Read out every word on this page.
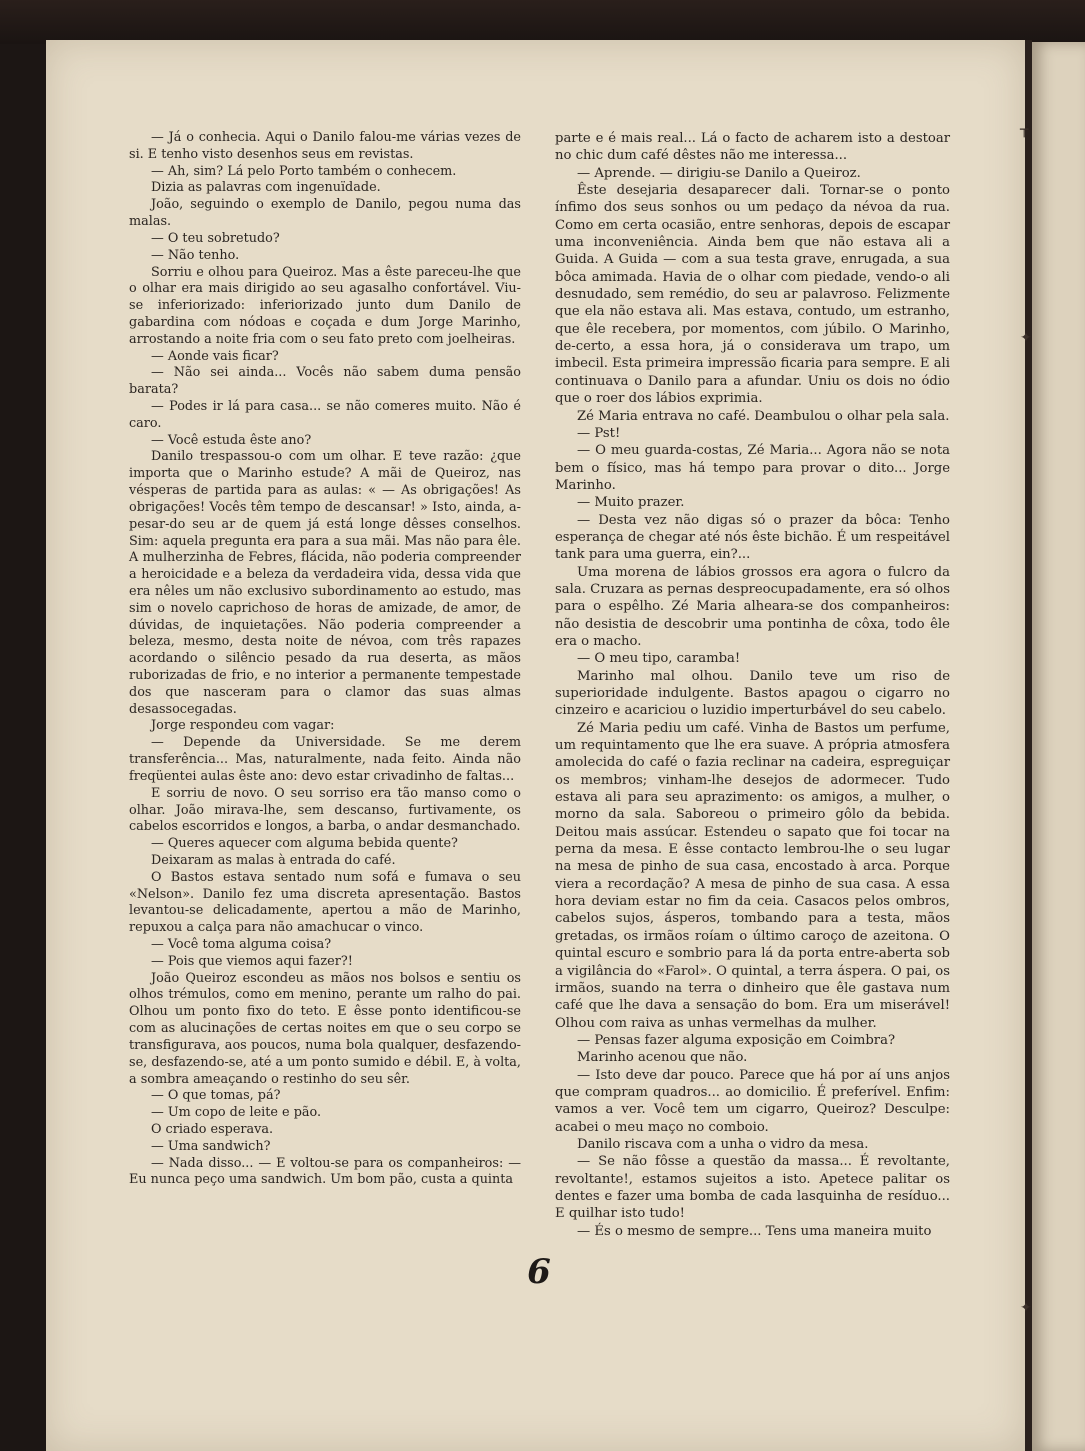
┬
✦
✦

— Já o conhecia. Aqui o Danilo falou-me várias vezes de si. E tenho visto desenhos seus em revistas.

— Ah, sim? Lá pelo Porto também o conhecem.

Dizia as palavras com ingenuïdade.

João, seguindo o exemplo de Danilo, pegou numa das malas.

— O teu sobretudo?

— Não tenho.

Sorriu e olhou para Queiroz. Mas a êste pareceu-lhe que o olhar era mais dirigido ao seu agasalho confortável. Viu-se inferiorizado: inferiorizado junto dum Danilo de gabardina com nódoas e coçada e dum Jorge Marinho, arrostando a noite fria com o seu fato preto com joelheiras.

— Aonde vais ficar?

— Não sei ainda... Vocês não sabem duma pensão barata?

— Podes ir lá para casa... se não comeres muito. Não é caro.

— Você estuda êste ano?

Danilo trespassou-o com um olhar. E teve razão: ¿que importa que o Marinho estude? A mãi de Queiroz, nas vésperas de partida para as aulas: « — As obrigações! As obrigações! Vocês têm tempo de descansar! » Isto, ainda, a-pesar-do seu ar de quem já está longe dêsses conselhos. Sim: aquela pregunta era para a sua mãi. Mas não para êle. A mulherzinha de Febres, flácida, não poderia compreender a heroicidade e a beleza da verdadeira vida, dessa vida que era nêles um não exclusivo subordinamento ao estudo, mas sim o novelo caprichoso de horas de amizade, de amor, de dúvidas, de inquietações. Não poderia compreender a beleza, mesmo, desta noite de névoa, com três rapazes acordando o silêncio pesado da rua deserta, as mãos ruborizadas de frio, e no interior a permanente tempestade dos que nasceram para o clamor das suas almas desassocegadas.

Jorge respondeu com vagar:

— Depende da Universidade. Se me derem transferência... Mas, naturalmente, nada feito. Ainda não freqüentei aulas êste ano: devo estar crivadinho de faltas...

E sorriu de novo. O seu sorriso era tão manso como o olhar. João mirava-lhe, sem descanso, furtivamente, os cabelos escorridos e longos, a barba, o andar desmanchado.

— Queres aquecer com alguma bebida quente?

Deixaram as malas à entrada do café.

O Bastos estava sentado num sofá e fumava o seu «Nelson». Danilo fez uma discreta apresentação. Bastos levantou-se delicadamente, apertou a mão de Marinho, repuxou a calça para não amachucar o vinco.

— Você toma alguma coisa?

— Pois que viemos aqui fazer?!

João Queiroz escondeu as mãos nos bolsos e sentiu os olhos trémulos, como em menino, perante um ralho do pai. Olhou um ponto fixo do teto. E êsse ponto identificou-se com as alucinações de certas noites em que o seu corpo se transfigurava, aos poucos, numa bola qualquer, desfazendo-se, desfazendo-se, até a um ponto sumido e débil. E, à volta, a sombra ameaçando o restinho do seu sêr.

— O que tomas, pá?

— Um copo de leite e pão.

O criado esperava.

— Uma sandwich?

— Nada disso... — E voltou-se para os companheiros: — Eu nunca peço uma sandwich. Um bom pão, custa a quinta

parte e é mais real... Lá o facto de acharem isto a destoar no chic dum café dêstes não me interessa...

— Aprende. — dirigiu-se Danilo a Queiroz.

Êste desejaria desaparecer dali. Tornar-se o ponto ínfimo dos seus sonhos ou um pedaço da névoa da rua. Como em certa ocasião, entre senhoras, depois de escapar uma inconveniência. Ainda bem que não estava ali a Guida. A Guida — com a sua testa grave, enrugada, a sua bôca amimada. Havia de o olhar com piedade, vendo-o ali desnudado, sem remédio, do seu ar palavroso. Felizmente que ela não estava ali. Mas estava, contudo, um estranho, que êle recebera, por momentos, com júbilo. O Marinho, de-certo, a essa hora, já o considerava um trapo, um imbecil. Esta primeira impressão ficaria para sempre. E ali continuava o Danilo para a afundar. Uniu os dois no ódio que o roer dos lábios exprimia.

Zé Maria entrava no café. Deambulou o olhar pela sala.

— Pst!

— O meu guarda-costas, Zé Maria... Agora não se nota bem o físico, mas há tempo para provar o dito... Jorge Marinho.

— Muito prazer.

— Desta vez não digas só o prazer da bôca: Tenho esperança de chegar até nós êste bichão. É um respeitável tank para uma guerra, ein?...

Uma morena de lábios grossos era agora o fulcro da sala. Cruzara as pernas despreocupadamente, era só olhos para o espêlho. Zé Maria alheara-se dos companheiros: não desistia de descobrir uma pontinha de côxa, todo êle era o macho.

— O meu tipo, caramba!

Marinho mal olhou. Danilo teve um riso de superioridade indulgente. Bastos apagou o cigarro no cinzeiro e acariciou o luzidio imperturbável do seu cabelo.

Zé Maria pediu um café. Vinha de Bastos um perfume, um requintamento que lhe era suave. A própria atmosfera amolecida do café o fazia reclinar na cadeira, espreguiçar os membros; vinham-lhe desejos de adormecer. Tudo estava ali para seu aprazimento: os amigos, a mulher, o morno da sala. Saboreou o primeiro gôlo da bebida. Deitou mais assúcar. Estendeu o sapato que foi tocar na perna da mesa. E êsse contacto lembrou-lhe o seu lugar na mesa de pinho de sua casa, encostado à arca. Porque viera a recordação? A mesa de pinho de sua casa. A essa hora deviam estar no fim da ceia. Casacos pelos ombros, cabelos sujos, ásperos, tombando para a testa, mãos gretadas, os irmãos roíam o último caroço de azeitona. O quintal escuro e sombrio para lá da porta entre-aberta sob a vigilância do «Farol». O quintal, a terra áspera. O pai, os irmãos, suando na terra o dinheiro que êle gastava num café que lhe dava a sensação do bom. Era um miserável! Olhou com raiva as unhas vermelhas da mulher.

— Pensas fazer alguma exposição em Coimbra?

Marinho acenou que não.

— Isto deve dar pouco. Parece que há por aí uns anjos que compram quadros... ao domicilio. É preferível. Enfim: vamos a ver. Você tem um cigarro, Queiroz? Desculpe: acabei o meu maço no comboio.

Danilo riscava com a unha o vidro da mesa.

— Se não fôsse a questão da massa... É revoltante, revoltante!, estamos sujeitos a isto. Apetece palitar os dentes e fazer uma bomba de cada lasquinha de resíduo... E quilhar isto tudo!

— És o mesmo de sempre... Tens uma maneira muito

6
